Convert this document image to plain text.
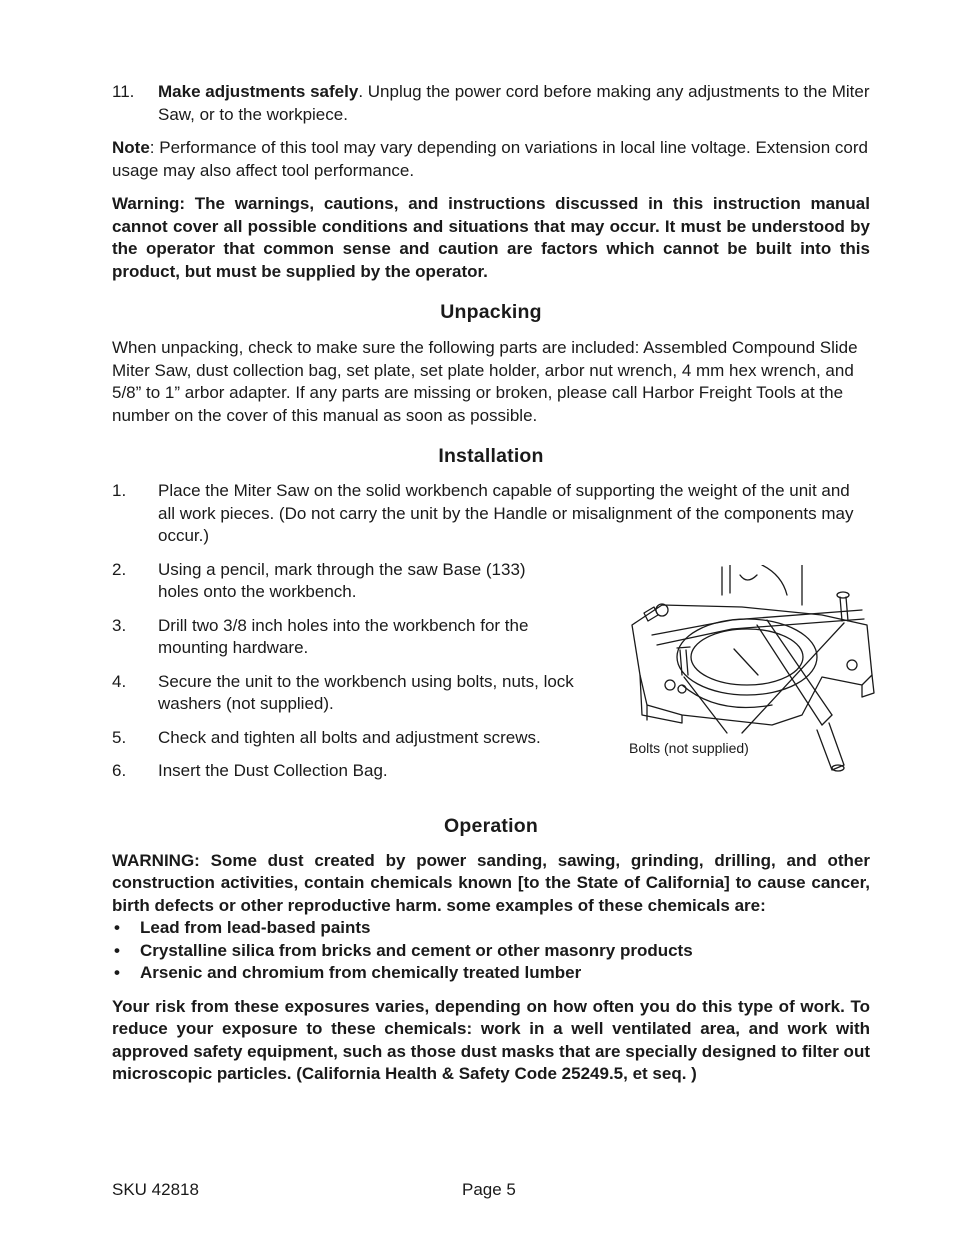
11. Make adjustments safely. Unplug the power cord before making any adjustments to the Miter Saw, or to the workpiece.

Note: Performance of this tool may vary depending on variations in local line voltage. Extension cord usage may also affect tool performance.

Warning: The warnings, cautions, and instructions discussed in this instruction manual cannot cover all possible conditions and situations that may occur. It must be understood by the operator that common sense and caution are factors which cannot be built into this product, but must be supplied by the operator.

Unpacking

When unpacking, check to make sure the following parts are included: Assembled Compound Slide Miter Saw, dust collection bag, set plate, set plate holder, arbor nut wrench, 4 mm hex wrench, and 5/8” to 1” arbor adapter. If any parts are missing or broken, please call Harbor Freight Tools at the number on the cover of this manual as soon as possible.

Installation
1. Place the Miter Saw on the solid workbench capable of supporting the weight of the unit and all work pieces. (Do not carry the unit by the Handle or misalignment of the components may occur.)

2. Using a pencil, mark through the saw Base (133) holes onto the workbench.

3. Drill two 3/8 inch holes into the workbench for the mounting hardware.

4. Secure the unit to the workbench using bolts, nuts, lock washers (not supplied).

5. Check and tighten all bolts and adjustment screws.

6. Insert the Dust Collection Bag.

Bolts (not supplied)
Operation

WARNING: Some dust created by power sanding, sawing, grinding, drilling, and other construction activities, contain chemicals known [to the State of California] to cause cancer, birth defects or other reproductive harm. some examples of these chemicals are:

• Lead from lead-based paints
• Crystalline silica from bricks and cement or other masonry products
• Arsenic and chromium from chemically treated lumber

Your risk from these exposures varies, depending on how often you do this type of work. To reduce your exposure to these chemicals: work in a well ventilated area, and work with approved safety equipment, such as those dust masks that are specially designed to filter out microscopic particles. (California Health & Safety Code 25249.5, et seq. )

SKU 42818	Page 5
